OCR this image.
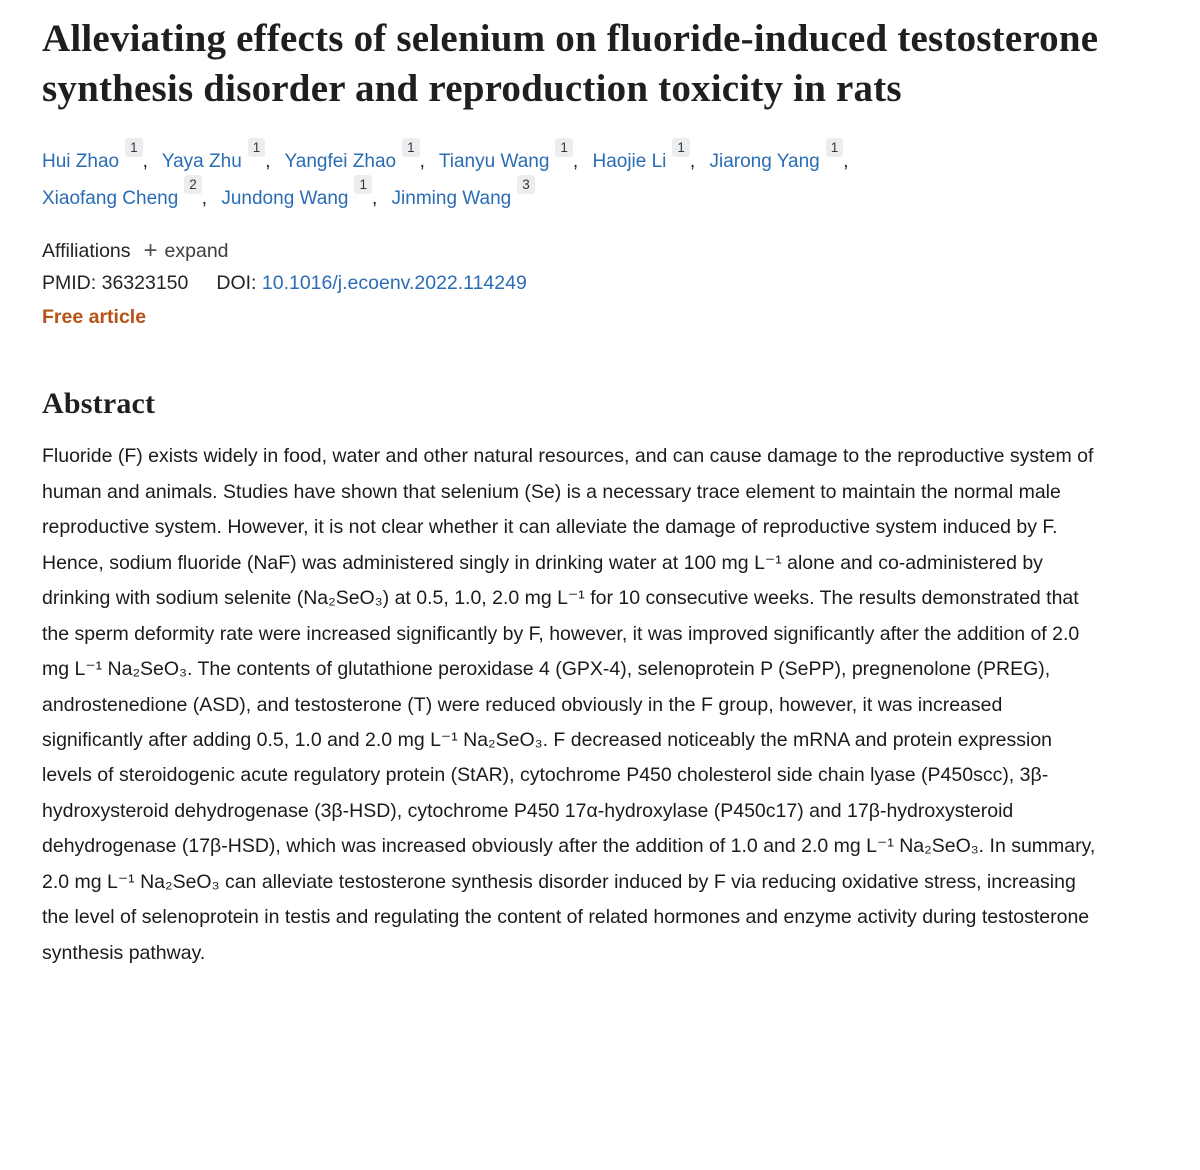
Alleviating effects of selenium on fluoride-induced testosterone synthesis disorder and reproduction toxicity in rats
Hui Zhao$^1$, Yaya Zhu$^1$, Yangfei Zhao$^1$, Tianyu Wang$^1$, Haojie Li$^1$, Jiarong Yang$^1$, Xiaofang Cheng$^2$, Jundong Wang$^1$, Jinming Wang$^3$
Affiliations + expand
PMID: 36323150 DOI: 10.1016/j.ecoenv.2022.114249
Free article
Abstract

Fluoride (F) exists widely in food, water and other natural resources, and can cause damage to the reproductive system of human and animals. Studies have shown that selenium (Se) is a necessary trace element to maintain the normal male reproductive system. However, it is not clear whether it can alleviate the damage of reproductive system induced by F. Hence, sodium fluoride (NaF) was administered singly in drinking water at 100 mg L⁻¹ alone and co-administered by drinking with sodium selenite (Na₂SeO₃) at 0.5, 1.0, 2.0 mg L⁻¹ for 10 consecutive weeks. The results demonstrated that the sperm deformity rate were increased significantly by F, however, it was improved significantly after the addition of 2.0 mg L⁻¹ Na₂SeO₃. The contents of glutathione peroxidase 4 (GPX-4), selenoprotein P (SePP), pregnenolone (PREG), androstenedione (ASD), and testosterone (T) were reduced obviously in the F group, however, it was increased significantly after adding 0.5, 1.0 and 2.0 mg L⁻¹ Na₂SeO₃. F decreased noticeably the mRNA and protein expression levels of steroidogenic acute regulatory protein (StAR), cytochrome P450 cholesterol side chain lyase (P450scc), 3β-hydroxysteroid dehydrogenase (3β-HSD), cytochrome P450 17α-hydroxylase (P450c17) and 17β-hydroxysteroid dehydrogenase (17β-HSD), which was increased obviously after the addition of 1.0 and 2.0 mg L⁻¹ Na₂SeO₃. In summary, 2.0 mg L⁻¹ Na₂SeO₃ can alleviate testosterone synthesis disorder induced by F via reducing oxidative stress, increasing the level of selenoprotein in testis and regulating the content of related hormones and enzyme activity during testosterone synthesis pathway.
